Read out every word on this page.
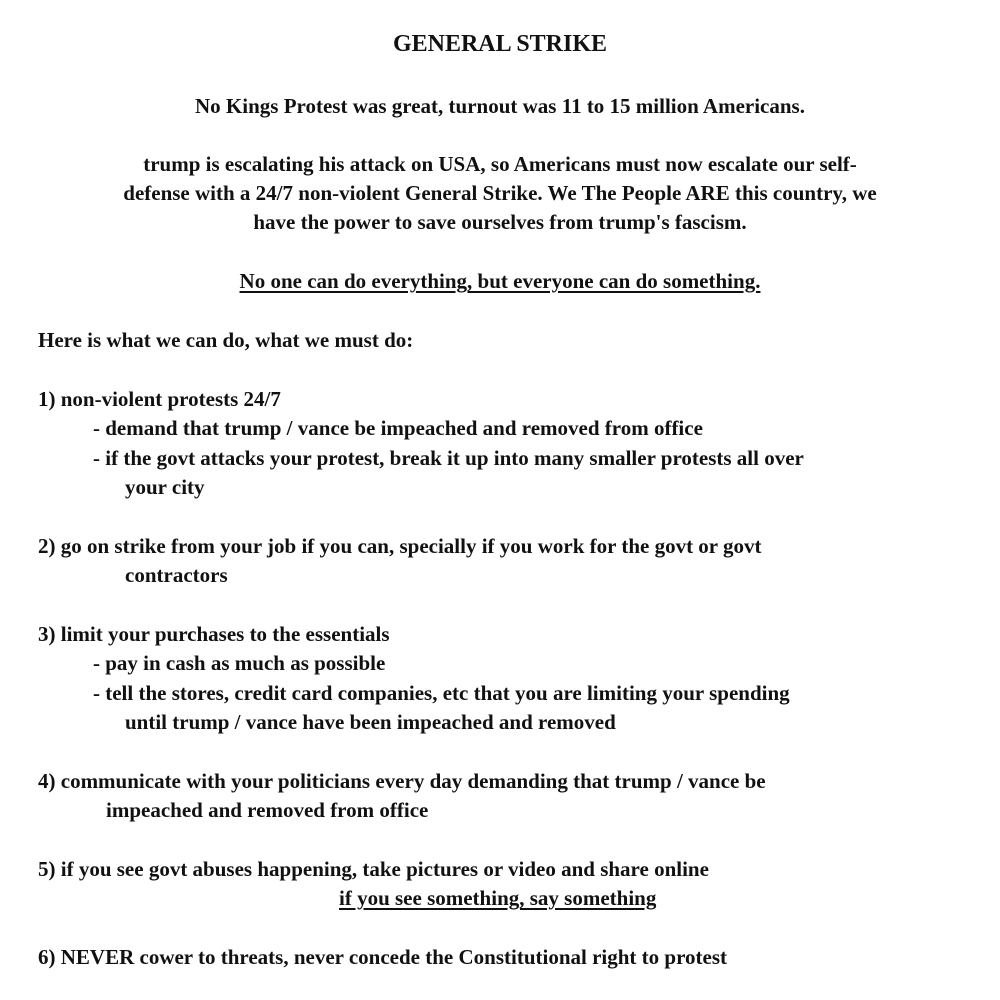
GENERAL STRIKE
No Kings Protest was great, turnout was 11 to 15 million Americans.
trump is escalating his attack on USA, so Americans must now escalate our self-
defense with a 24/7 non-violent General Strike. We The People ARE this country, we
have the power to save ourselves from trump's fascism.
No one can do everything, but everyone can do something.
Here is what we can do, what we must do:
1) non-violent protests 24/7
- demand that trump / vance be impeached and removed from office
- if the govt attacks your protest, break it up into many smaller protests all over
your city
2) go on strike from your job if you can, specially if you work for the govt or govt
contractors
3) limit your purchases to the essentials
- pay in cash as much as possible
- tell the stores, credit card companies, etc that you are limiting your spending
until trump / vance have been impeached and removed
4) communicate with your politicians every day demanding that trump / vance be
impeached and removed from office
5) if you see govt abuses happening, take pictures or video and share online
if you see something, say something
6) NEVER cower to threats, never concede the Constitutional right to protest
